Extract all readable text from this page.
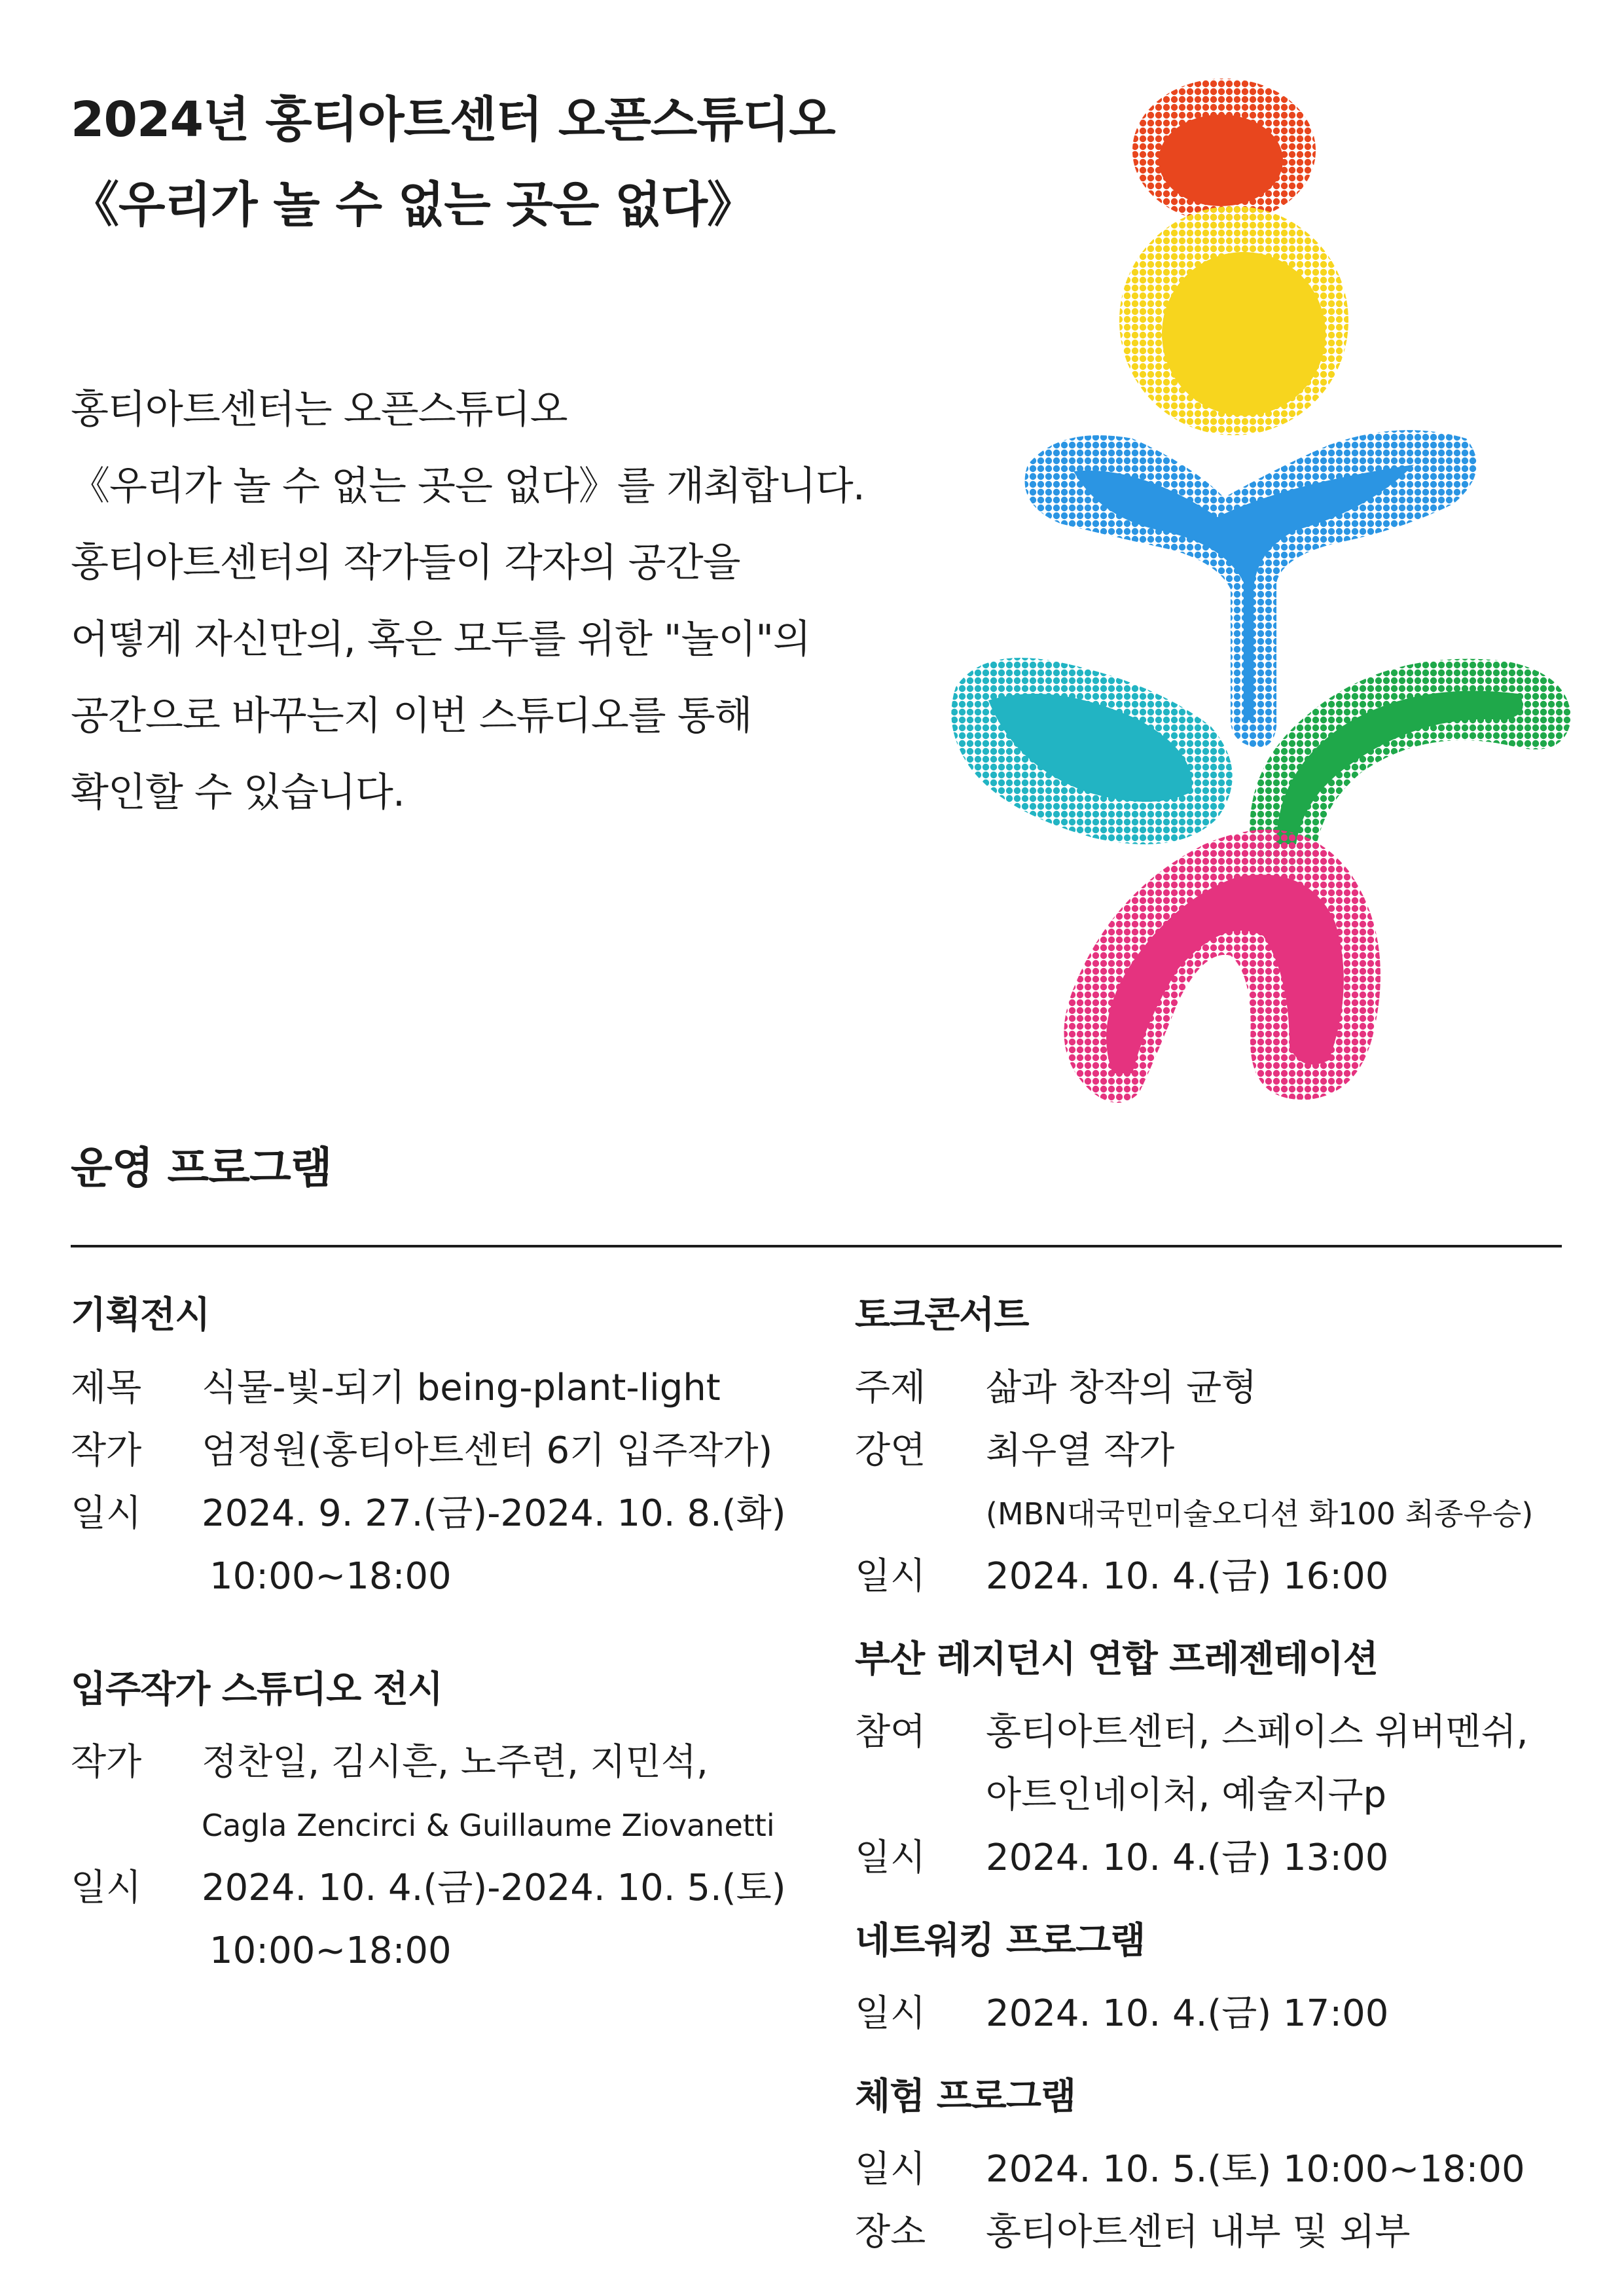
2024년 홍티아트센터 오픈스튜디오
《우리가 놀 수 없는 곳은 없다》
홍티아트센터는 오픈스튜디오
《우리가 놀 수 없는 곳은 없다》를 개최합니다.
홍티아트센터의 작가들이 각자의 공간을
어떻게 자신만의, 혹은 모두를 위한 "놀이"의
공간으로 바꾸는지 이번 스튜디오를 통해
확인할 수 있습니다.
운영 프로그램
기획전시
제목	식물-빛-되기 being-plant-light
작가	엄정원(홍티아트센터 6기 입주작가)
일시	2024. 9. 27.(금)-2024. 10. 8.(화)
10:00~18:00
입주작가 스튜디오 전시
작가	정찬일, 김시흔, 노주련, 지민석,
Cagla Zencirci & Guillaume Ziovanetti
일시	2024. 10. 4.(금)-2024. 10. 5.(토)
10:00~18:00
토크콘서트
주제	삶과 창작의 균형
강연	최우열 작가
(MBN대국민미술오디션 화100 최종우승)
일시	2024. 10. 4.(금) 16:00
부산 레지던시 연합 프레젠테이션
참여	홍티아트센터, 스페이스 위버멘쉬,
아트인네이처, 예술지구p
일시	2024. 10. 4.(금) 13:00
네트워킹 프로그램
일시	2024. 10. 4.(금) 17:00
체험 프로그램
일시	2024. 10. 5.(토) 10:00~18:00
장소	홍티아트센터 내부 및 외부
